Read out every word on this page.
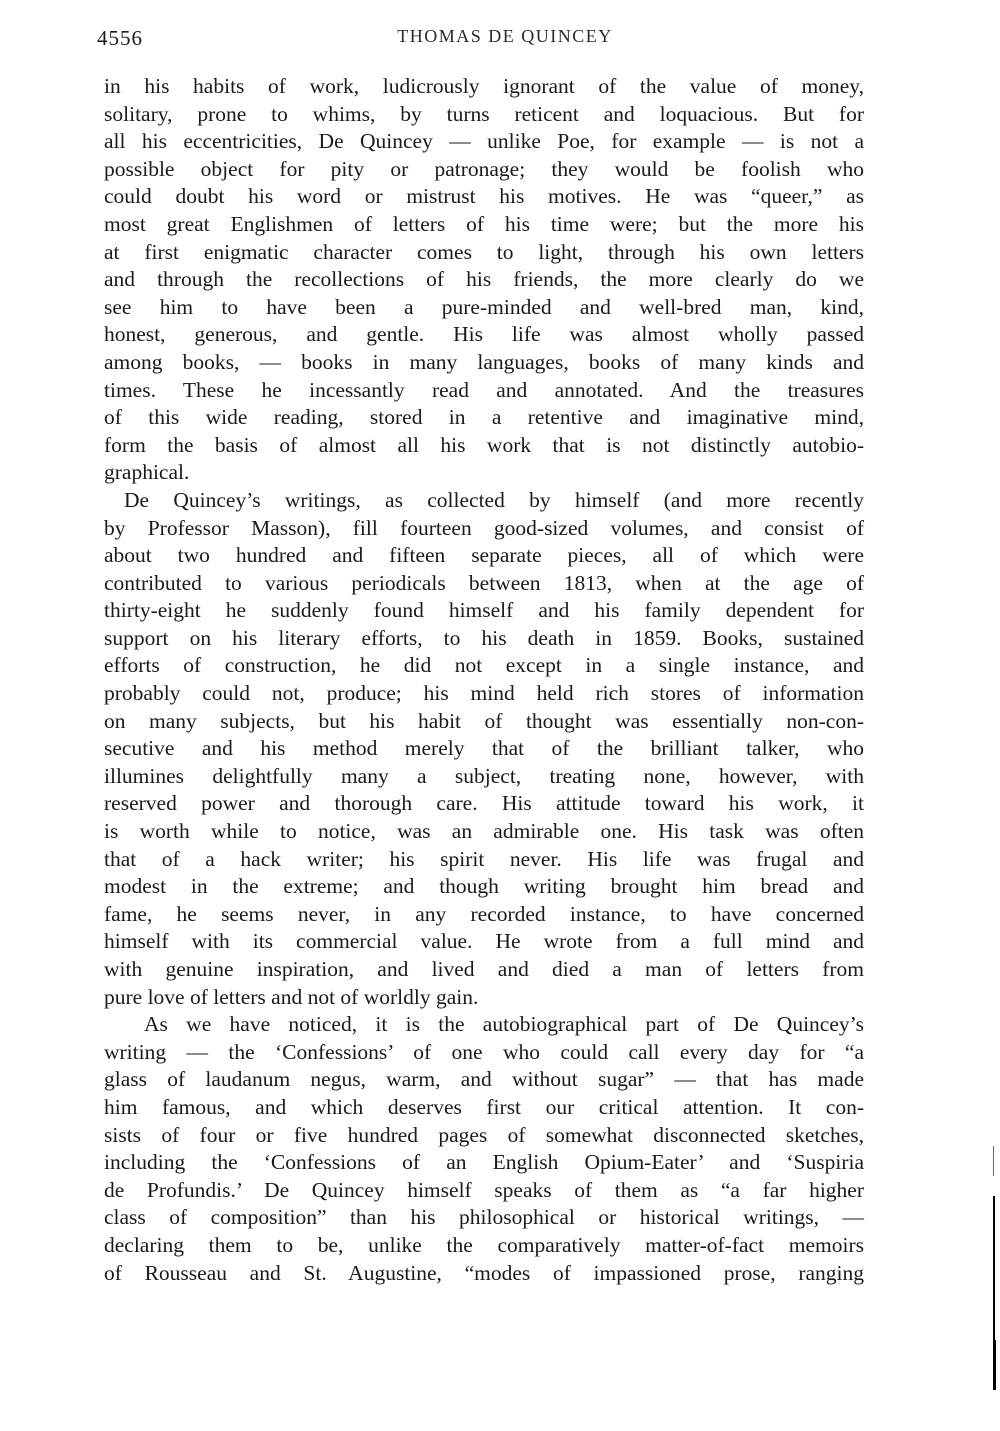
4556	THOMAS DE QUINCEY
in his habits of work, ludicrously ignorant of the value of money,
solitary, prone to whims, by turns reticent and loquacious. But for
all his eccentricities, De Quincey — unlike Poe, for example — is not a
possible object for pity or patronage; they would be foolish who
could doubt his word or mistrust his motives. He was “queer,” as
most great Englishmen of letters of his time were; but the more his
at first enigmatic character comes to light, through his own letters
and through the recollections of his friends, the more clearly do we
see him to have been a pure-minded and well-bred man, kind,
honest, generous, and gentle. His life was almost wholly passed
among books, — books in many languages, books of many kinds and
times. These he incessantly read and annotated. And the treasures
of this wide reading, stored in a retentive and imaginative mind,
form the basis of almost all his work that is not distinctly autobio-
graphical.
De Quincey’s writings, as collected by himself (and more recently
by Professor Masson), fill fourteen good-sized volumes, and consist of
about two hundred and fifteen separate pieces, all of which were
contributed to various periodicals between 1813, when at the age of
thirty-eight he suddenly found himself and his family dependent for
support on his literary efforts, to his death in 1859. Books, sustained
efforts of construction, he did not except in a single instance, and
probably could not, produce; his mind held rich stores of information
on many subjects, but his habit of thought was essentially non-con-
secutive and his method merely that of the brilliant talker, who
illumines delightfully many a subject, treating none, however, with
reserved power and thorough care. His attitude toward his work, it
is worth while to notice, was an admirable one. His task was often
that of a hack writer; his spirit never. His life was frugal and
modest in the extreme; and though writing brought him bread and
fame, he seems never, in any recorded instance, to have concerned
himself with its commercial value. He wrote from a full mind and
with genuine inspiration, and lived and died a man of letters from
pure love of letters and not of worldly gain.
As we have noticed, it is the autobiographical part of De Quincey’s
writing — the ‘Confessions’ of one who could call every day for “a
glass of laudanum negus, warm, and without sugar” — that has made
him famous, and which deserves first our critical attention. It con-
sists of four or five hundred pages of somewhat disconnected sketches,
including the ‘Confessions of an English Opium-Eater’ and ‘Suspiria
de Profundis.’ De Quincey himself speaks of them as “a far higher
class of composition” than his philosophical or historical writings, —
declaring them to be, unlike the comparatively matter-of-fact memoirs
of Rousseau and St. Augustine, “modes of impassioned prose, ranging
